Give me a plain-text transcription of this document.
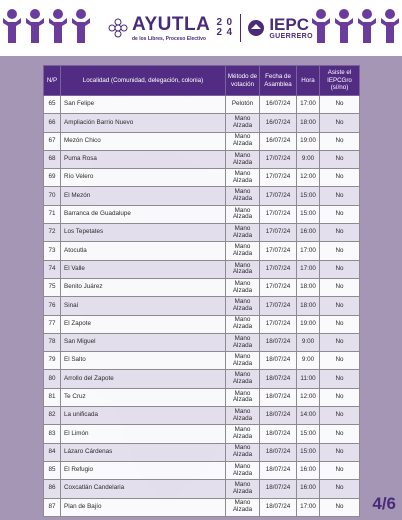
AYUTLA
de los Libres, Proceso Electivo
2 0
2 4 IEPC
GUERRERO
N/P	Localidad (Comunidad, delegación, colonia)	Método de votación	Fecha de Asamblea	Hora	Asiste el IEPCGro (sí/no)
65	San Felipe	Pelotón	16/07/24	17:00	No
66	Ampliación Barrio Nuevo	Mano Alzada	16/07/24	18:00	No
67	Mezón Chico	Mano Alzada	16/07/24	19:00	No
68	Puma Rosa	Mano Alzada	17/07/24	9:00	No
69	Río Velero	Mano Alzada	17/07/24	12:00	No
70	El Mezón	Mano Alzada	17/07/24	15:00	No
71	Barranca de Guadalupe	Mano Alzada	17/07/24	15:00	No
72	Los Tepetates	Mano Alzada	17/07/24	16:00	No
73	Atocutla	Mano Alzada	17/07/24	17:00	No
74	El Valle	Mano Alzada	17/07/24	17:00	No
75	Benito Juárez	Mano Alzada	17/07/24	18:00	No
76	Sinaí	Mano Alzada	17/07/24	18:00	No
77	El Zapote	Mano Alzada	17/07/24	19:00	No
78	San Miguel	Mano Alzada	18/07/24	9:00	No
79	El Salto	Mano Alzada	18/07/24	9:00	No
80	Arrollo del Zapote	Mano Alzada	18/07/24	11:00	No
81	Te Cruz	Mano Alzada	18/07/24	12:00	No
82	La unificada	Mano Alzada	18/07/24	14:00	No
83	El Limón	Mano Alzada	18/07/24	15:00	No
84	Lázaro Cárdenas	Mano Alzada	18/07/24	15:00	No
85	El Refugio	Mano Alzada	18/07/24	16:00	No
86	Coxcatlán Candelaria	Mano Alzada	18/07/24	16:00	No
87	Plan de Bajío	Mano Alzada	18/07/24	17:00	No 4/6
